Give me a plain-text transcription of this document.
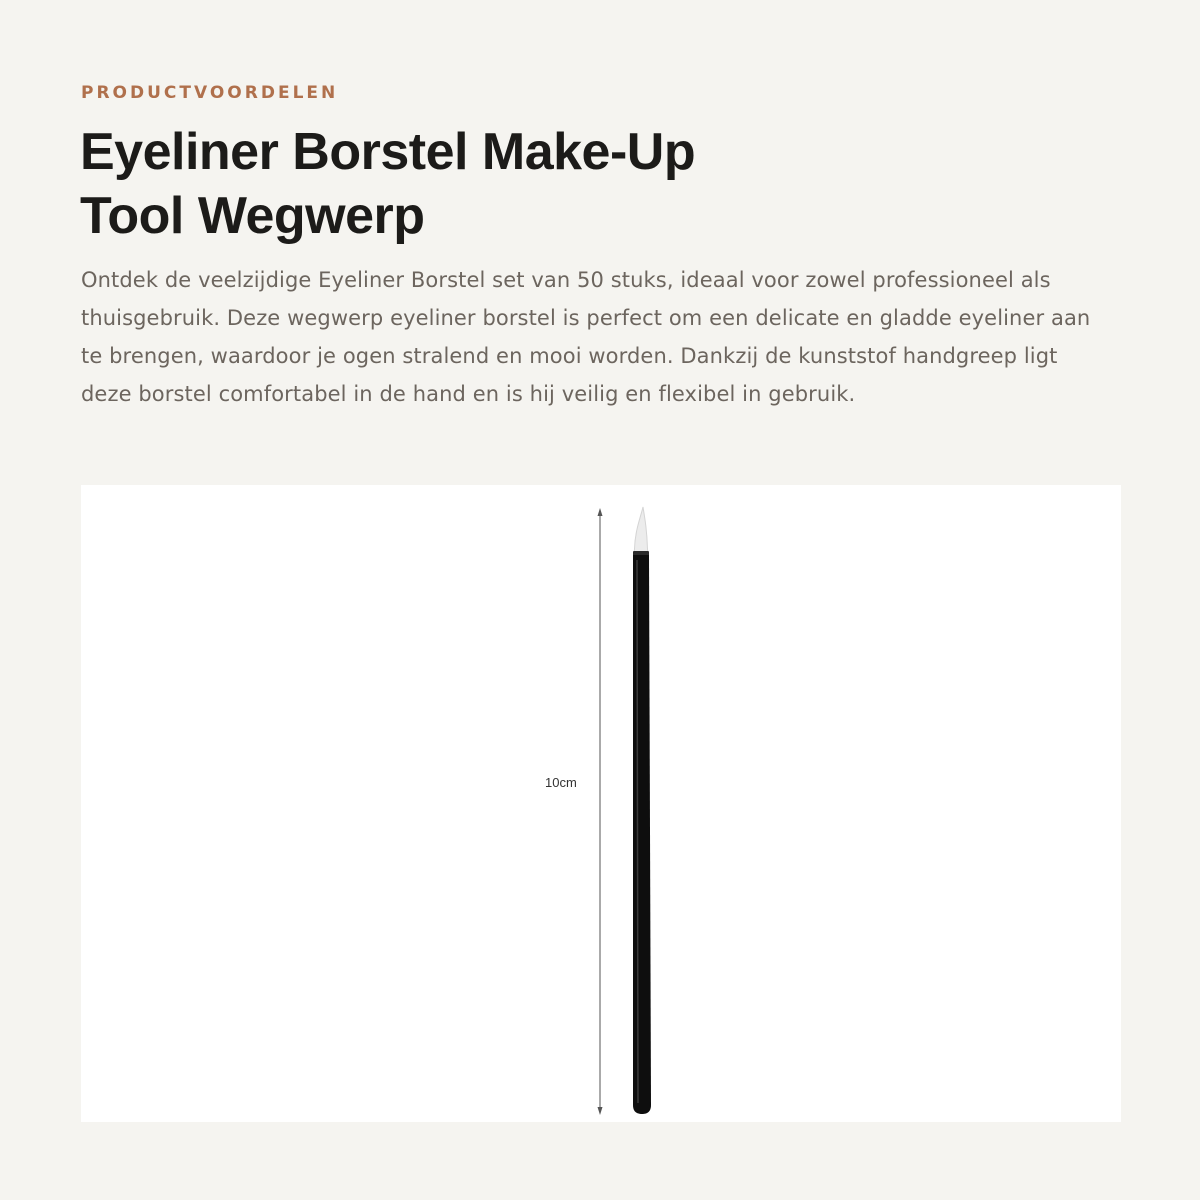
PRODUCTVOORDELEN
Eyeliner Borstel Make-Up Tool Wegwerp

Ontdek de veelzijdige Eyeliner Borstel set van 50 stuks, ideaal voor zowel professioneel als thuisgebruik. Deze wegwerp eyeliner borstel is perfect om een delicate en gladde eyeliner aan te brengen, waardoor je ogen stralend en mooi worden. Dankzij de kunststof handgreep ligt deze borstel comfortabel in de hand en is hij veilig en flexibel in gebruik.

10cm
